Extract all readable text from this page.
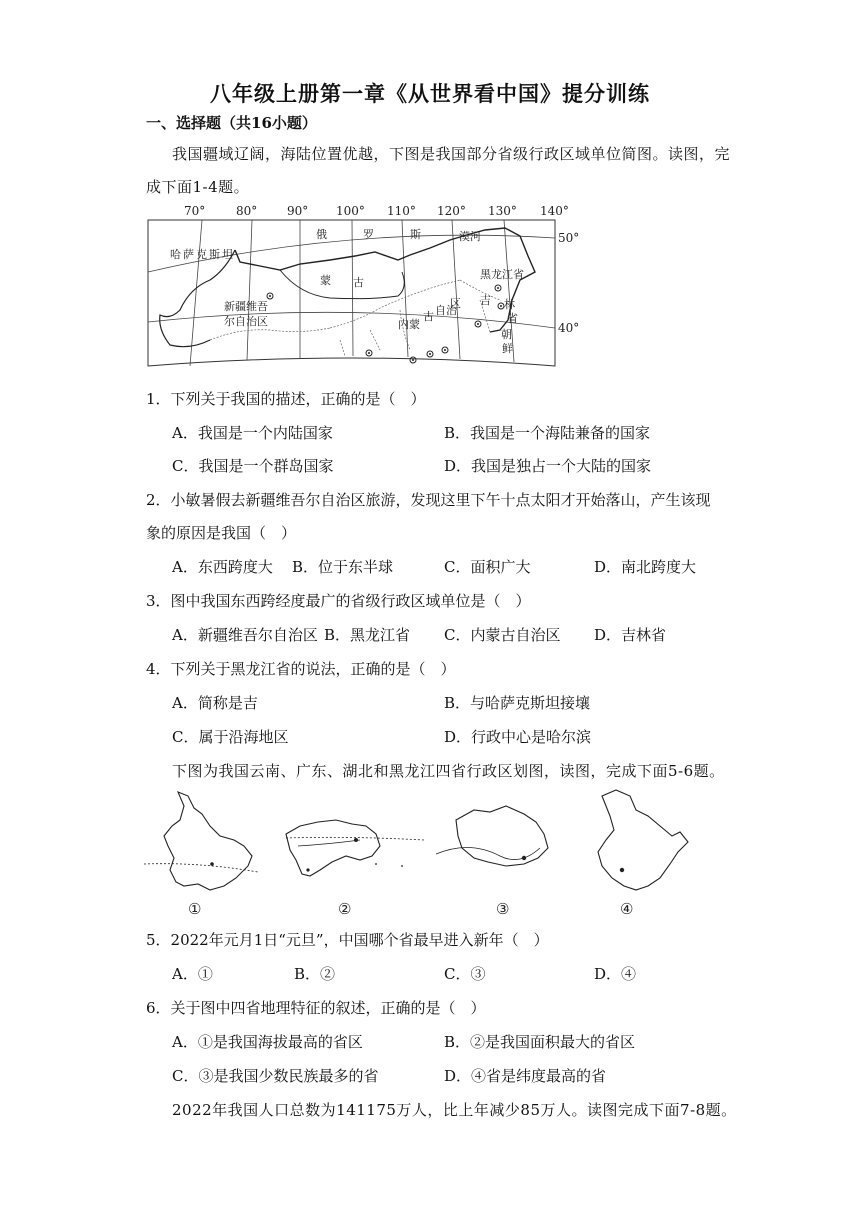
八年级上册第一章《从世界看中国》提分训练
一、选择题（共16小题）
我国疆域辽阔，海陆位置优越，下图是我国部分省级行政区域单位简图。读图，完
成下面1-4题。
70°	80° 90° 100° 110° 120° 130° 140°
50°
40°
哈萨克斯坦
俄	罗	斯	漠河
蒙 古
黑龙江省
新疆维吾
尔自治区	内蒙
古 自治
区 吉 林
省
朝
鲜
1．下列关于我国的描述，正确的是（　）
A．我国是一个内陆国家	B．我国是一个海陆兼备的国家
C．我国是一个群岛国家	D．我国是独占一个大陆的国家
2．小敏暑假去新疆维吾尔自治区旅游，发现这里下午十点太阳才开始落山，产生该现
象的原因是我国（　）
A．东西跨度大 B．位于东半球	C．面积广大	D．南北跨度大
3．图中我国东西跨经度最广的省级行政区域单位是（　）
A．新疆维吾尔自治区 B．黑龙江省 C．内蒙古自治区 D．吉林省
4．下列关于黑龙江省的说法，正确的是（　）
A．简称是吉	B．与哈萨克斯坦接壤
C．属于沿海地区	D．行政中心是哈尔滨
下图为我国云南、广东、湖北和黑龙江四省行政区划图，读图，完成下面5-6题。
①	②	③	④
5．2022年元月1日“元旦”，中国哪个省最早进入新年（　）
A．①	B．②	C．③	D．④
6．关于图中四省地理特征的叙述，正确的是（　）
A．①是我国海拔最高的省区	B．②是我国面积最大的省区
C．③是我国少数民族最多的省	D．④省是纬度最高的省
2022年我国人口总数为141175万人，比上年减少85万人。读图完成下面7-8题。
